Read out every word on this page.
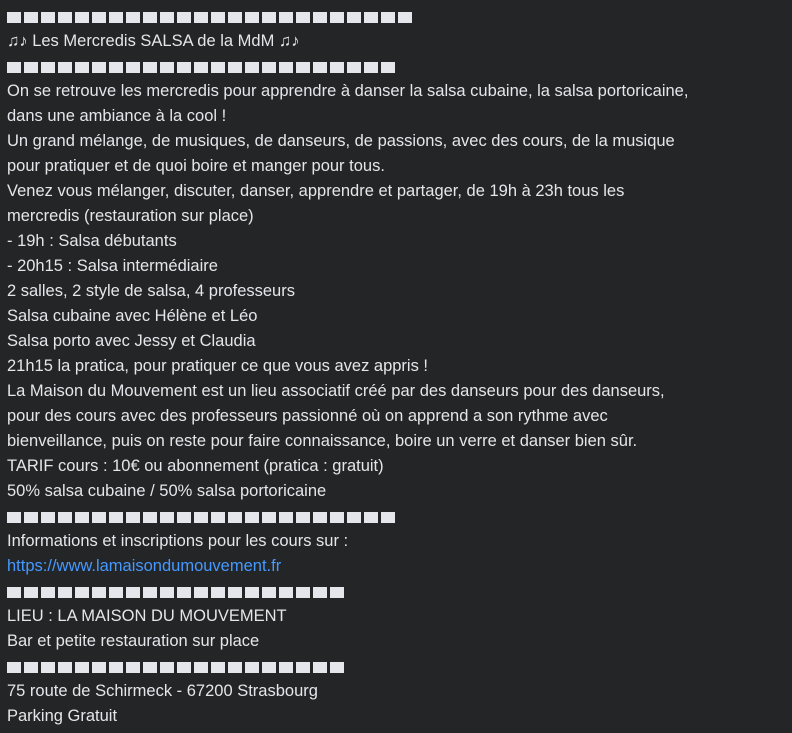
♫♪ Les Mercredis SALSA de la MdM ♫♪
On se retrouve les mercredis pour apprendre à danser la salsa cubaine, la salsa portoricaine,
dans une ambiance à la cool !
Un grand mélange, de musiques, de danseurs, de passions, avec des cours, de la musique
pour pratiquer et de quoi boire et manger pour tous.
Venez vous mélanger, discuter, danser, apprendre et partager, de 19h à 23h tous les
mercredis (restauration sur place)
- 19h : Salsa débutants
- 20h15 : Salsa intermédiaire
2 salles, 2 style de salsa, 4 professeurs
Salsa cubaine avec Hélène et Léo
Salsa porto avec Jessy et Claudia
21h15 la pratica, pour pratiquer ce que vous avez appris !
La Maison du Mouvement est un lieu associatif créé par des danseurs pour des danseurs,
pour des cours avec des professeurs passionné où on apprend a son rythme avec
bienveillance, puis on reste pour faire connaissance, boire un verre et danser bien sûr.
TARIF cours : 10€ ou abonnement (pratica : gratuit)
50% salsa cubaine / 50% salsa portoricaine
Informations et inscriptions pour les cours sur :
https://www.lamaisondumouvement.fr
LIEU : LA MAISON DU MOUVEMENT
Bar et petite restauration sur place
75 route de Schirmeck - 67200 Strasbourg
Parking Gratuit
